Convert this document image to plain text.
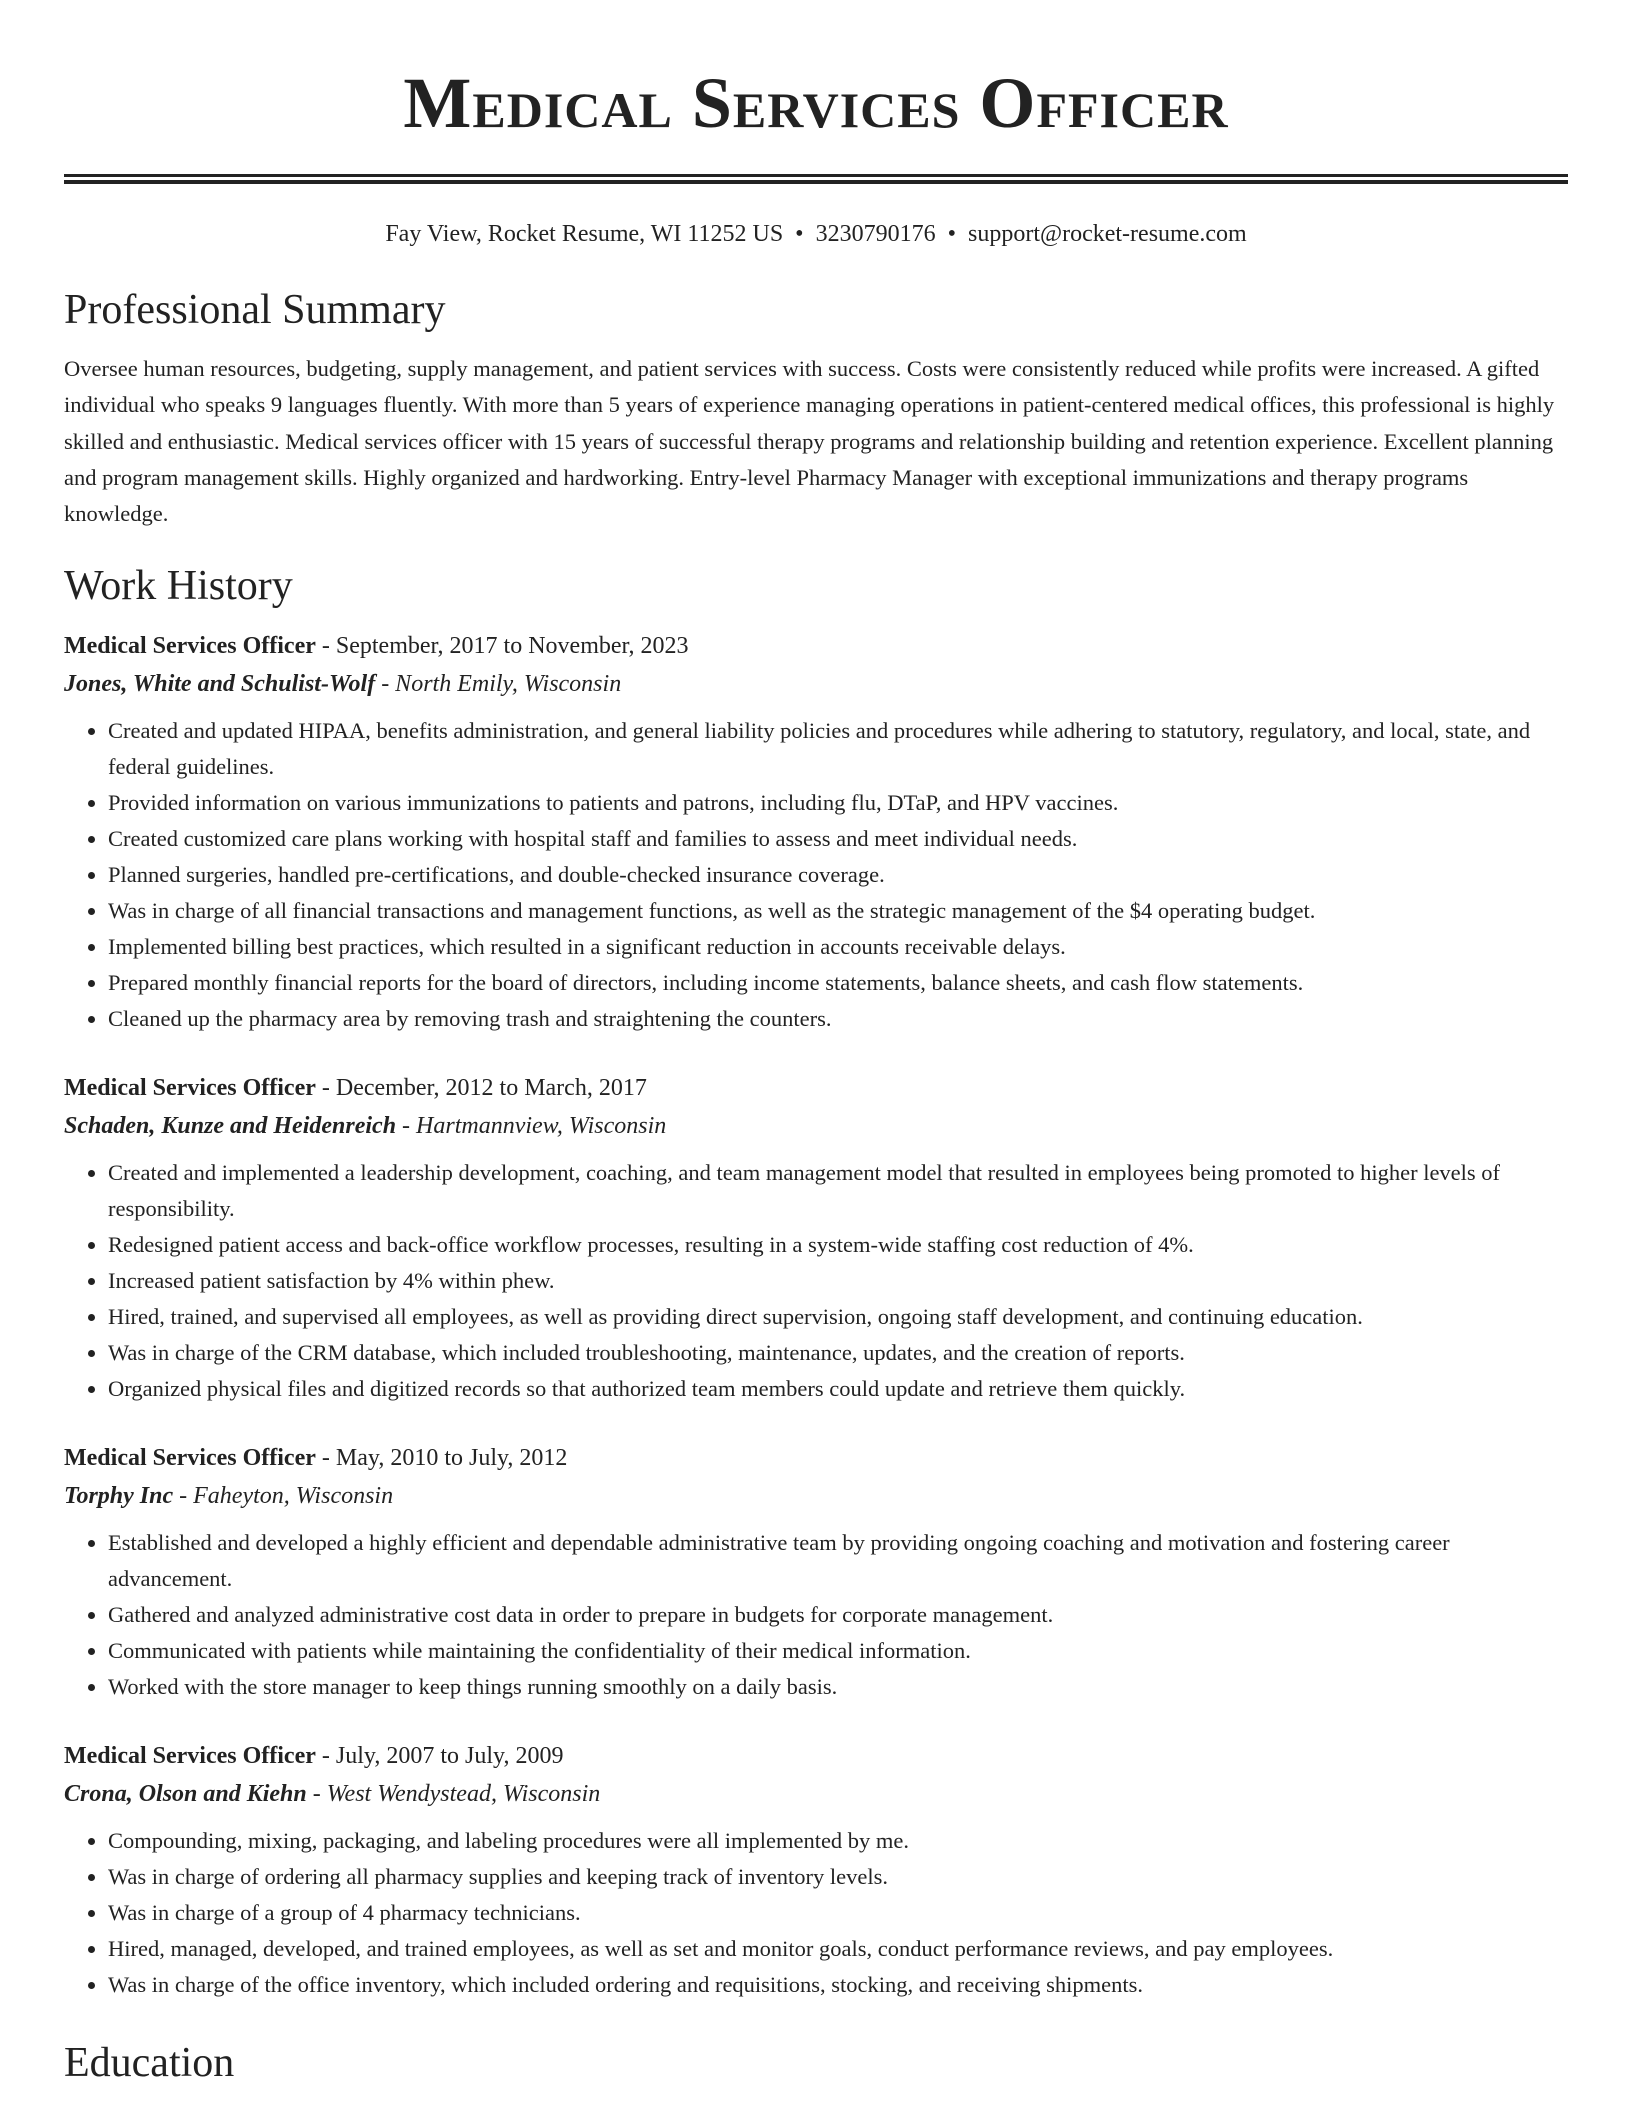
Medical Services Officer
Fay View, Rocket Resume, WI 11252 US • 3230790176 • support@rocket-resume.com
Professional Summary

Oversee human resources, budgeting, supply management, and patient services with success. Costs were consistently reduced while profits were increased. A gifted individual who speaks 9 languages fluently. With more than 5 years of experience managing operations in patient-centered medical offices, this professional is highly skilled and enthusiastic. Medical services officer with 15 years of successful therapy programs and relationship building and retention experience. Excellent planning and program management skills. Highly organized and hardworking. Entry-level Pharmacy Manager with exceptional immunizations and therapy programs knowledge.

Work History
Medical Services Officer - September, 2017 to November, 2023
Jones, White and Schulist-Wolf - North Emily, Wisconsin
• Created and updated HIPAA, benefits administration, and general liability policies and procedures while adhering to statutory, regulatory, and local, state, and federal guidelines.
• Provided information on various immunizations to patients and patrons, including flu, DTaP, and HPV vaccines.
• Created customized care plans working with hospital staff and families to assess and meet individual needs.
• Planned surgeries, handled pre-certifications, and double-checked insurance coverage.
• Was in charge of all financial transactions and management functions, as well as the strategic management of the $4 operating budget.
• Implemented billing best practices, which resulted in a significant reduction in accounts receivable delays.
• Prepared monthly financial reports for the board of directors, including income statements, balance sheets, and cash flow statements.
• Cleaned up the pharmacy area by removing trash and straightening the counters.
Medical Services Officer - December, 2012 to March, 2017
Schaden, Kunze and Heidenreich - Hartmannview, Wisconsin
• Created and implemented a leadership development, coaching, and team management model that resulted in employees being promoted to higher levels of responsibility.
• Redesigned patient access and back-office workflow processes, resulting in a system-wide staffing cost reduction of 4%.
• Increased patient satisfaction by 4% within phew.
• Hired, trained, and supervised all employees, as well as providing direct supervision, ongoing staff development, and continuing education.
• Was in charge of the CRM database, which included troubleshooting, maintenance, updates, and the creation of reports.
• Organized physical files and digitized records so that authorized team members could update and retrieve them quickly.
Medical Services Officer - May, 2010 to July, 2012
Torphy Inc - Faheyton, Wisconsin
• Established and developed a highly efficient and dependable administrative team by providing ongoing coaching and motivation and fostering career advancement.
• Gathered and analyzed administrative cost data in order to prepare in budgets for corporate management.
• Communicated with patients while maintaining the confidentiality of their medical information.
• Worked with the store manager to keep things running smoothly on a daily basis.
Medical Services Officer - July, 2007 to July, 2009
Crona, Olson and Kiehn - West Wendystead, Wisconsin
• Compounding, mixing, packaging, and labeling procedures were all implemented by me.
• Was in charge of ordering all pharmacy supplies and keeping track of inventory levels.
• Was in charge of a group of 4 pharmacy technicians.
• Hired, managed, developed, and trained employees, as well as set and monitor goals, conduct performance reviews, and pay employees.
• Was in charge of the office inventory, which included ordering and requisitions, stocking, and receiving shipments.
Education
